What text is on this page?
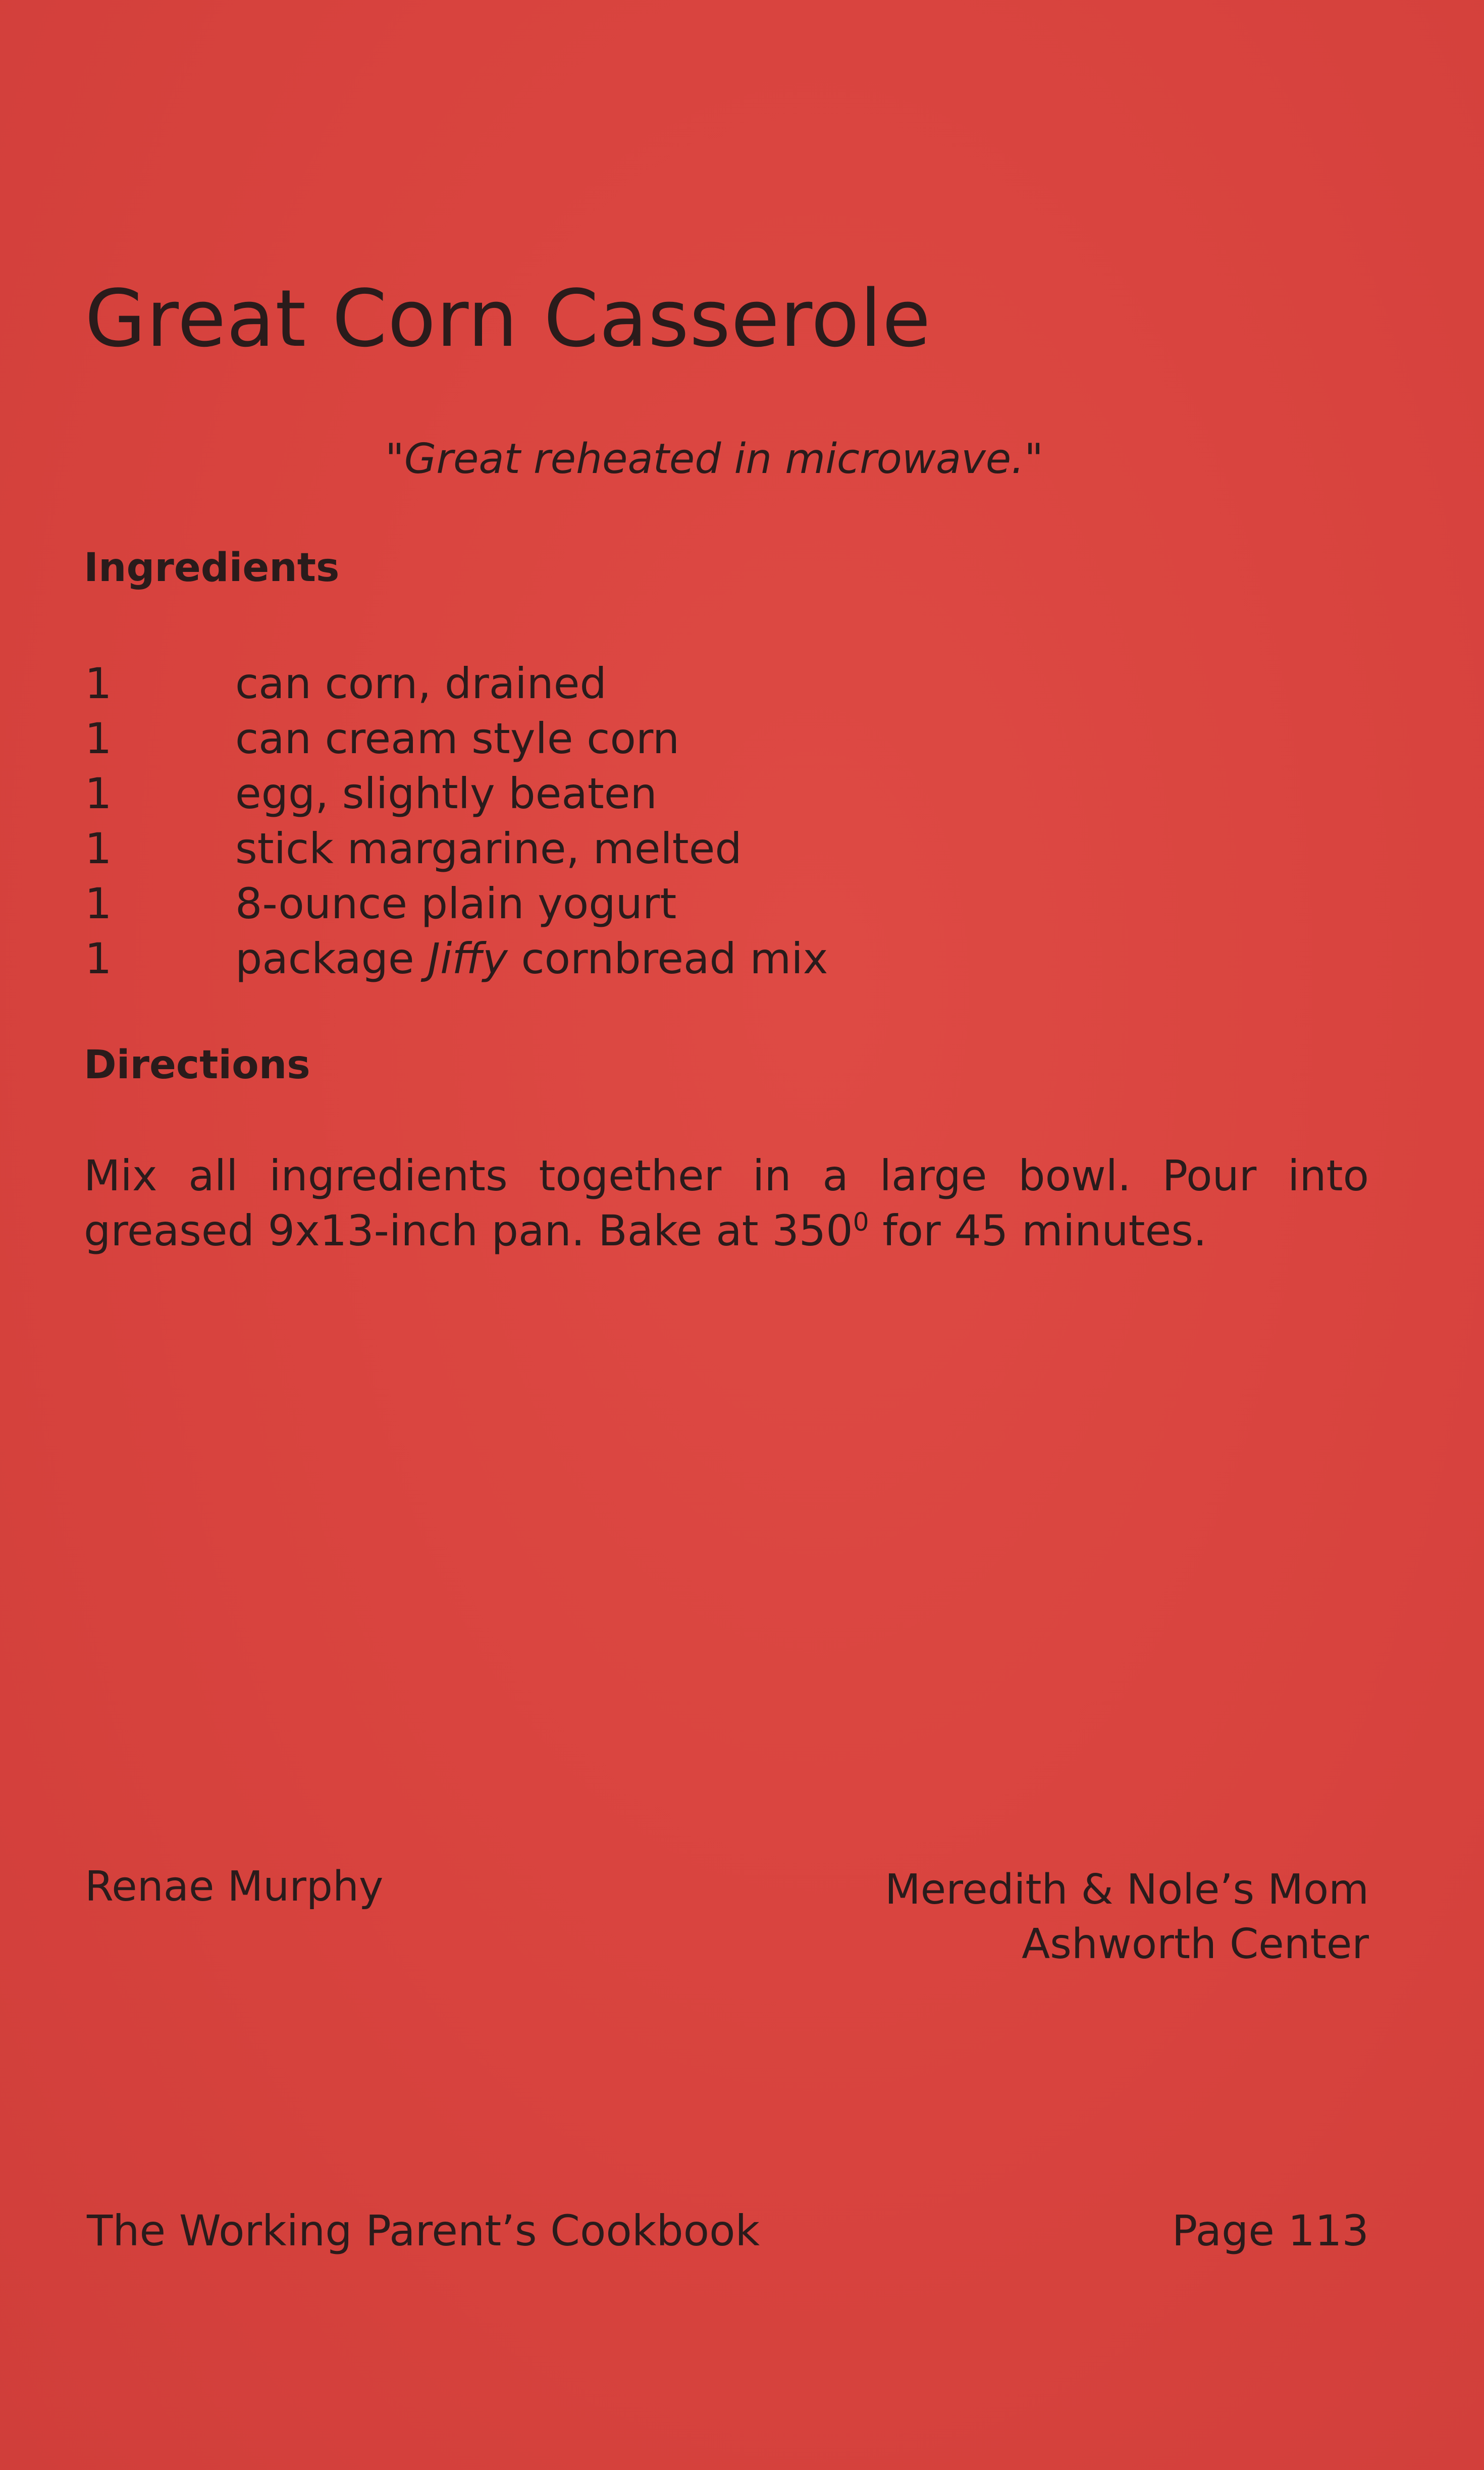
Great Corn Casserole
"Great reheated in microwave."
Ingredients
1	can corn, drained
1	can cream style corn
1	egg, slightly beaten
1	stick margarine, melted
1	8-ounce plain yogurt
1	package Jiffy cornbread mix
Directions

Mix all ingredients together in a large bowl. Pour into greased 9x13-inch pan. Bake at $350^0$ for 45 minutes.

Renae Murphy	Meredith & Nole’s Mom
Ashworth Center
The Working Parent’s Cookbook	Page 113
